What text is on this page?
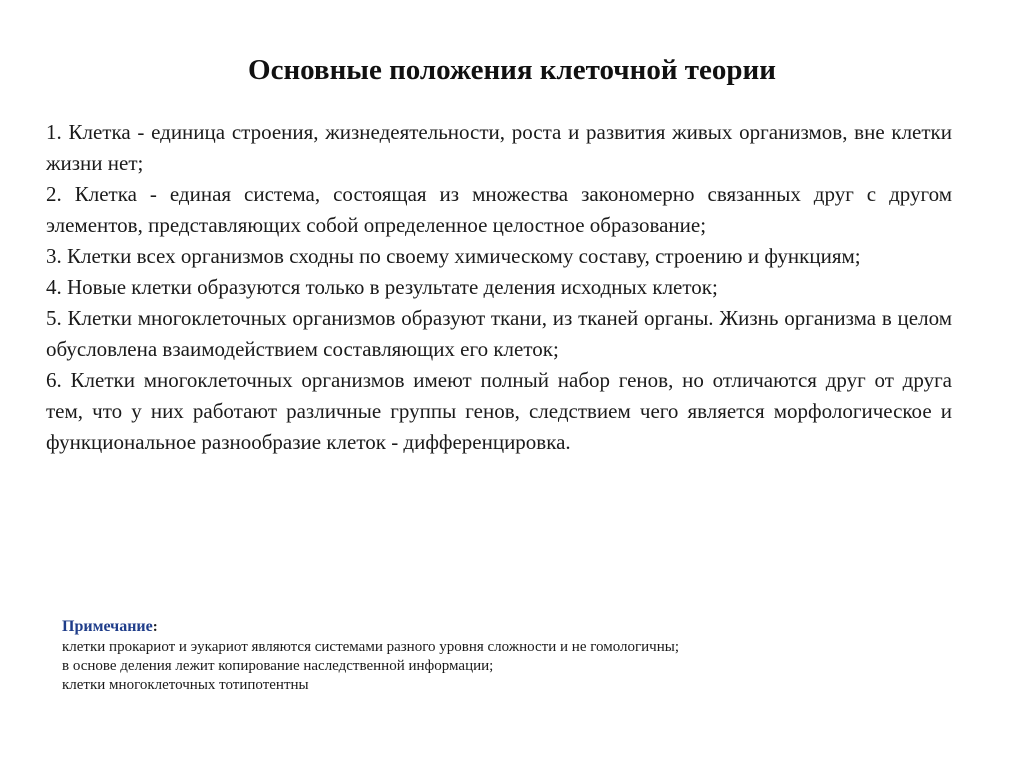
Основные положения клеточной теории

1. Клетка - единица строения, жизнедеятельности, роста и развития живых организмов, вне клетки жизни нет;

2. Клетка - единая система, состоящая из множества закономерно связанных друг с другом элементов, представляющих собой определенное целостное образование;

3. Клетки всех организмов сходны по своему химическому составу, строению и функциям;

4. Новые клетки образуются только в результате деления исходных клеток;

5. Клетки многоклеточных организмов образуют ткани, из тканей органы. Жизнь организма в целом обусловлена взаимодействием составляющих его клеток;

6. Клетки многоклеточных организмов имеют полный набор генов, но отличаются друг от друга тем, что у них работают различные группы генов, следствием чего является морфологическое и функциональное разнообразие клеток - дифференцировка.

Примечание:
клетки прокариот и эукариот являются системами разного уровня сложности и не гомологичны;
в основе деления лежит копирование наследственной информации;
клетки многоклеточных тотипотентны
